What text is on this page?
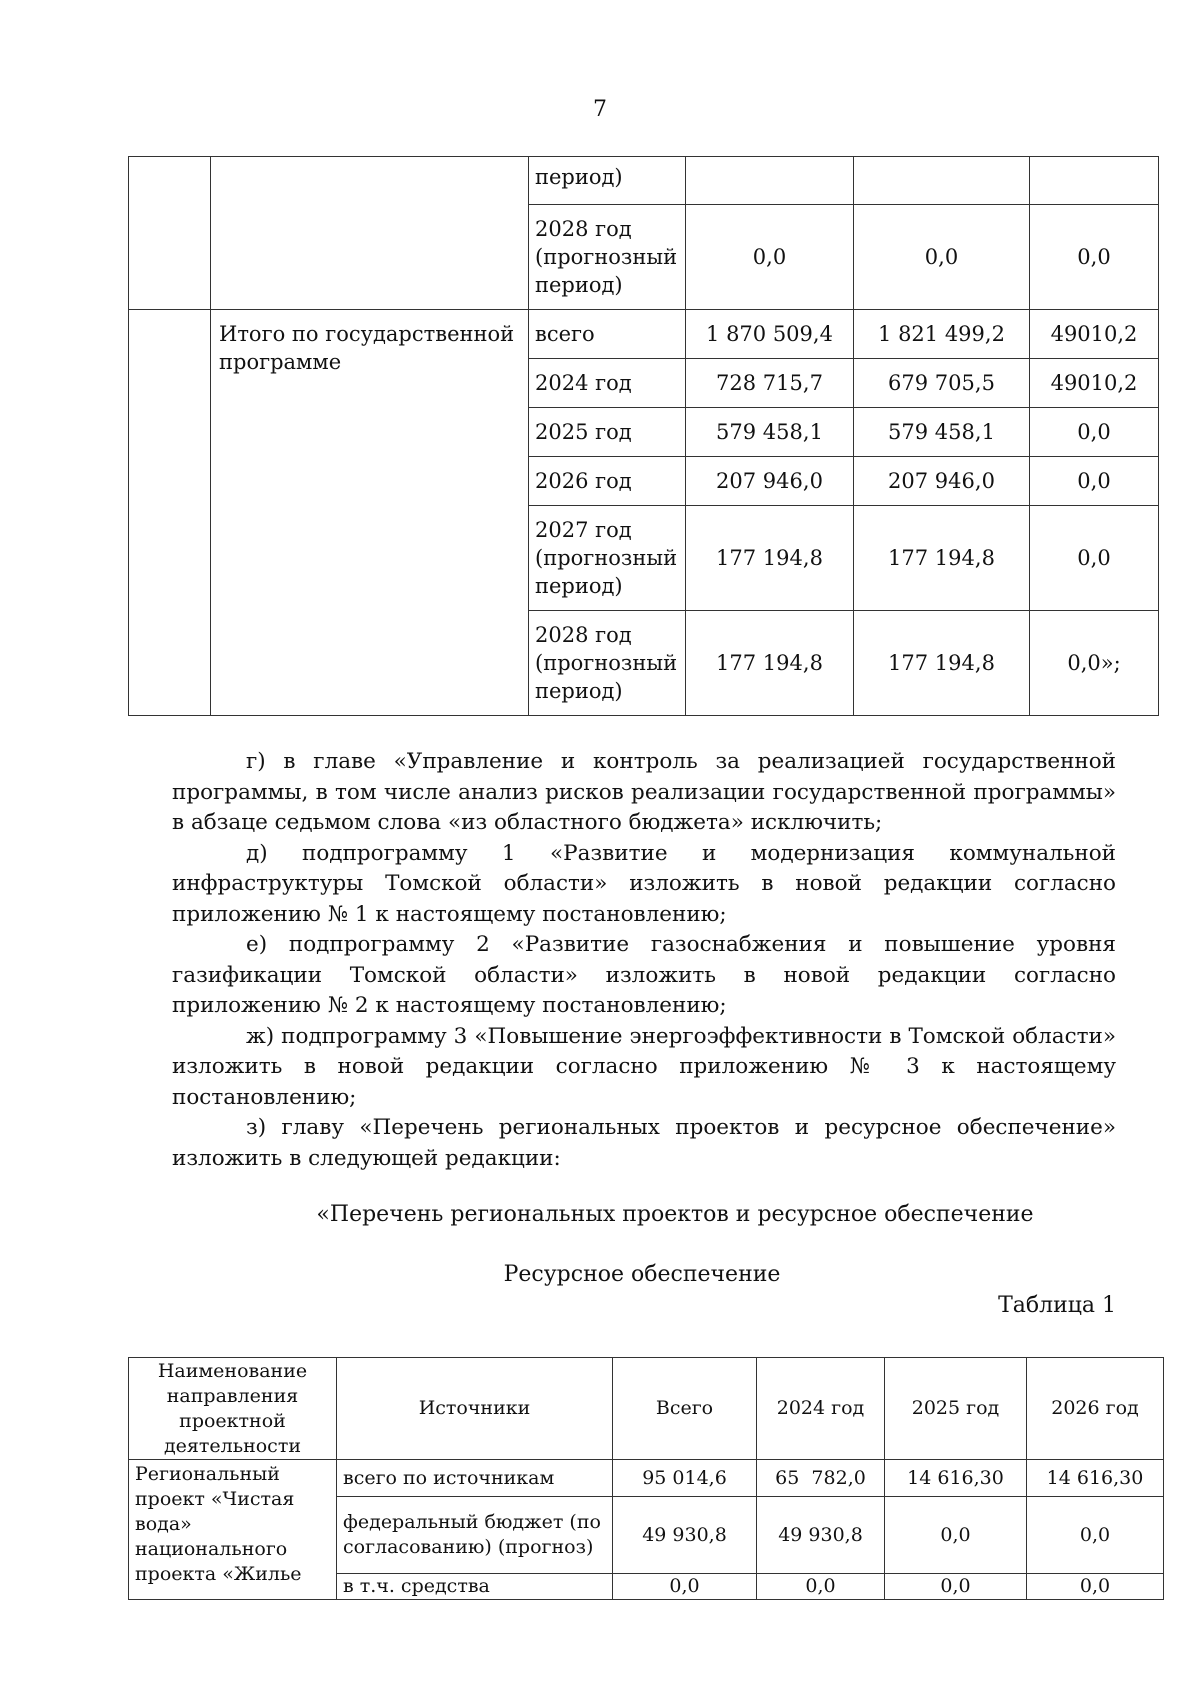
7
		период)			
		2028 год (прогнозный период)	0,0	0,0	0,0
	Итого по государственной программе	всего	1 870 509,4	1 821 499,2	49010,2
		2024 год	728 715,7	679 705,5	49010,2
		2025 год	579 458,1	579 458,1	0,0
		2026 год	207 946,0	207 946,0	0,0
		2027 год (прогнозный период)	177 194,8	177 194,8	0,0
		2028 год (прогнозный период)	177 194,8	177 194,8	0,0»;

г) в главе «Управление и контроль за реализацией государственной программы, в том числе анализ рисков реализации государственной программы» в абзаце седьмом слова «из областного бюджета» исключить;

д) подпрограмму 1 «Развитие и модернизация коммунальной инфраструктуры Томской области» изложить в новой редакции согласно приложению № 1 к настоящему постановлению;

е) подпрограмму 2 «Развитие газоснабжения и повышение уровня газификации Томской области» изложить в новой редакции согласно приложению № 2 к настоящему постановлению;

ж) подпрограмму 3 «Повышение энергоэффективности в Томской области» изложить в новой редакции согласно приложению № 3 к настоящему постановлению;

з) главу «Перечень региональных проектов и ресурсное обеспечение» изложить в следующей редакции:

«Перечень региональных проектов и ресурсное обеспечение
Ресурсное обеспечение
Таблица 1
Наименование направления проектной деятельности	Источники	Всего	2024 год	2025 год	2026 год
Региональный проект «Чистая вода» национального проекта «Жилье	всего по источникам	95 014,6	65  782,0	14 616,30	14 616,30
	федеральный бюджет (по согласованию) (прогноз)	49 930,8	49 930,8	0,0	0,0
	в т.ч. средства	0,0	0,0	0,0	0,0
